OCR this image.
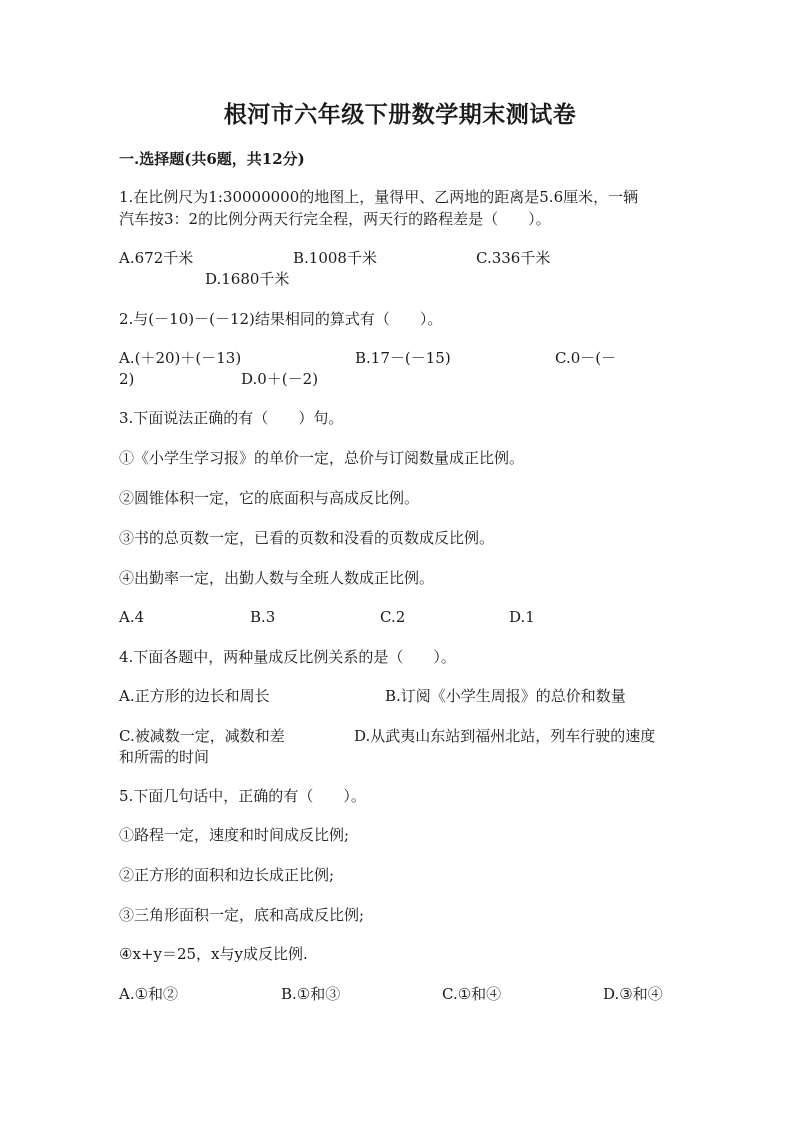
根河市六年级下册数学期末测试卷
一.选择题(共6题，共12分)
1.在比例尺为1:30000000的地图上，量得甲、乙两地的距离是5.6厘米，一辆
汽车按3：2的比例分两天行完全程，两天行的路程差是（　　）。
A.672千米	B.1008千米	C.336千米
D.1680千米
2.与(－10)－(－12)结果相同的算式有（　　）。
A.(＋20)＋(－13)	B.17－(－15)	C.0－(－
2)	D.0＋(－2)
3.下面说法正确的有（　　）句。
①《小学生学习报》的单价一定，总价与订阅数量成正比例。
②圆锥体积一定，它的底面积与高成反比例。
③书的总页数一定，已看的页数和没看的页数成反比例。
④出勤率一定，出勤人数与全班人数成正比例。
A.4	B.3	C.2	D.1
4.下面各题中，两种量成反比例关系的是（　　）。
A.正方形的边长和周长	B.订阅《小学生周报》的总价和数量
C.被减数一定，减数和差	D.从武夷山东站到福州北站，列车行驶的速度
和所需的时间
5.下面几句话中，正确的有（　　）。
①路程一定，速度和时间成反比例;
②正方形的面积和边长成正比例;
③三角形面积一定，底和高成反比例;
④x+y＝25，x与y成反比例.
A.①和②	B.①和③	C.①和④	D.③和④
